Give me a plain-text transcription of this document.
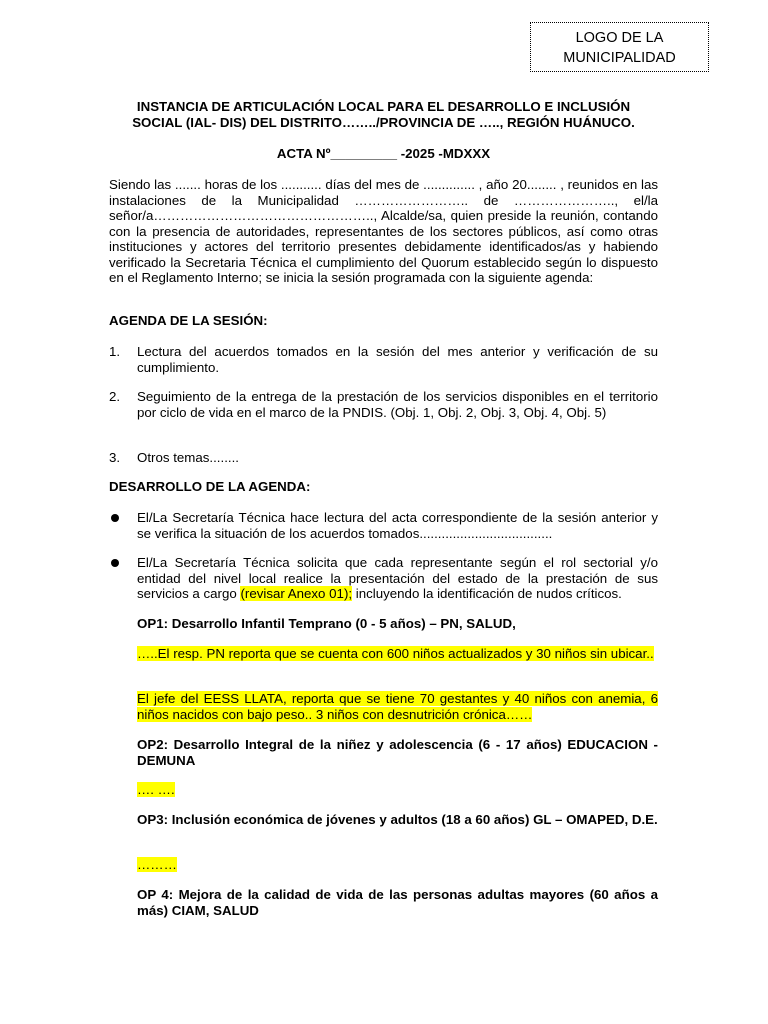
LOGO DE LA
MUNICIPALIDAD
INSTANCIA DE ARTICULACIÓN LOCAL PARA EL DESARROLLO E INCLUSIÓN
SOCIAL (IAL- DIS) DEL DISTRITO……../PROVINCIA DE ….., REGIÓN HUÁNUCO.
ACTA Nº_________ -2025 -MDXXX
Siendo las ....... horas de los ........... días del mes de .............. , año 20........ , reunidos en las instalaciones de la Municipalidad …………………….. de ………………….., el/la señor/a………………………………………….., Alcalde/sa, quien preside la reunión, contando con la presencia de autoridades, representantes de los sectores públicos, así como otras instituciones y actores del territorio presentes debidamente identificados/as y habiendo verificado la Secretaria Técnica el cumplimiento del Quorum establecido según lo dispuesto en el Reglamento Interno; se inicia la sesión programada con la siguiente agenda:
AGENDA DE LA SESIÓN:
1.	Lectura del acuerdos tomados en la sesión del mes anterior y verificación de su cumplimiento.
2.	Seguimiento de la entrega de la prestación de los servicios disponibles en el territorio por ciclo de vida en el marco de la PNDIS. (Obj. 1, Obj. 2, Obj. 3, Obj. 4, Obj. 5)
3.	Otros temas........
DESARROLLO DE LA AGENDA:
El/La Secretaría Técnica hace lectura del acta correspondiente de la sesión anterior y se verifica la situación de los acuerdos tomados....................................
El/La Secretaría Técnica solicita que cada representante según el rol sectorial y/o entidad del nivel local realice la presentación del estado de la prestación de sus servicios a cargo (revisar Anexo 01); incluyendo la identificación de nudos críticos.
OP1: Desarrollo Infantil Temprano (0 - 5 años) – PN, SALUD,
…..El resp. PN reporta que se cuenta con 600 niños actualizados y 30 niños sin ubicar..
El jefe del EESS LLATA, reporta que se tiene 70 gestantes y 40 niños con anemia, 6 niños nacidos con bajo peso.. 3 niños con desnutrición crónica……
OP2: Desarrollo Integral de la niñez y adolescencia (6 - 17 años) EDUCACION - DEMUNA
…. ….
OP3: Inclusión económica de jóvenes y adultos (18 a 60 años) GL – OMAPED, D.E.
………
OP 4: Mejora de la calidad de vida de las personas adultas mayores (60 años a más) CIAM, SALUD
